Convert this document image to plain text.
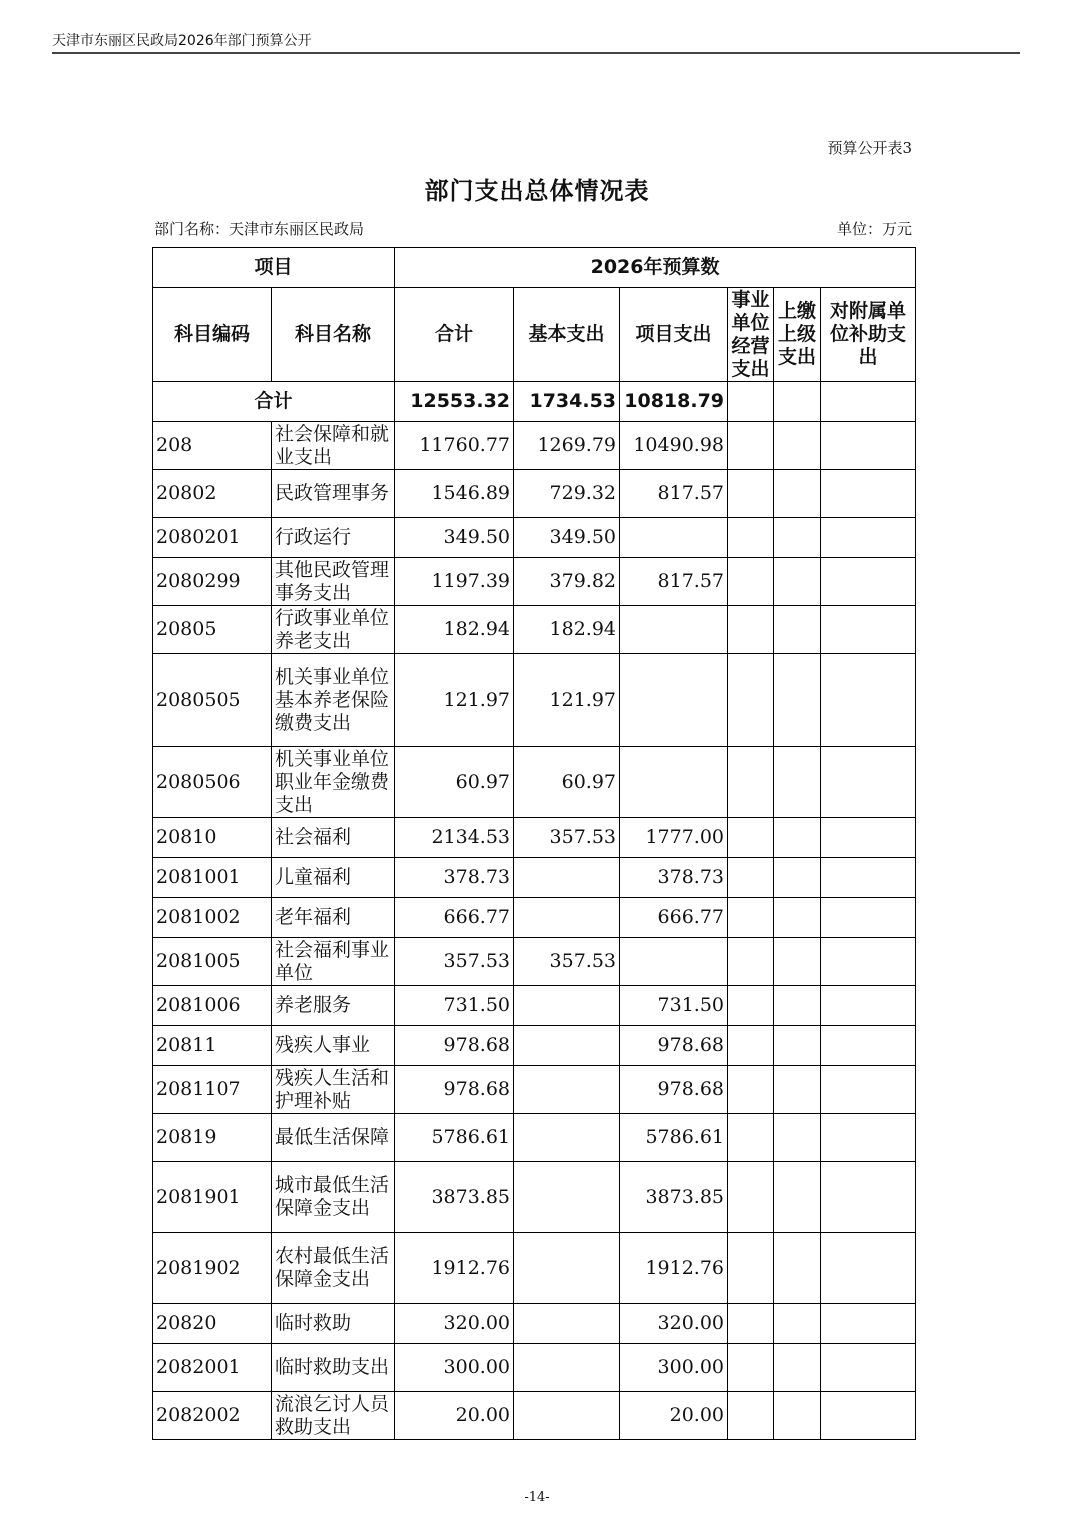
天津市东丽区民政局2026年部门预算公开
预算公开表3
部门支出总体情况表
部门名称：天津市东丽区民政局	单位：万元
项目		2026年预算数					
科目编码	科目名称	合计	基本支出	项目支出	事业单位经营支出	上缴上级支出	对附属单位补助支出
合计		12553.32	1734.53	10818.79			
208	社会保障和就业支出	11760.77	1269.79	10490.98			
20802	民政管理事务	1546.89	729.32	817.57			
2080201	行政运行	349.50	349.50				
2080299	其他民政管理事务支出	1197.39	379.82	817.57			
20805	行政事业单位养老支出	182.94	182.94				
2080505	机关事业单位基本养老保险缴费支出	121.97	121.97				
2080506	机关事业单位职业年金缴费支出	60.97	60.97				
20810	社会福利	2134.53	357.53	1777.00			
2081001	儿童福利	378.73		378.73			
2081002	老年福利	666.77		666.77			
2081005	社会福利事业单位	357.53	357.53				
2081006	养老服务	731.50		731.50			
20811	残疾人事业	978.68		978.68			
2081107	残疾人生活和护理补贴	978.68		978.68			
20819	最低生活保障	5786.61		5786.61			
2081901	城市最低生活保障金支出	3873.85		3873.85			
2081902	农村最低生活保障金支出	1912.76		1912.76			
20820	临时救助	320.00		320.00			
2082001	临时救助支出	300.00		300.00			
2082002	流浪乞讨人员救助支出	20.00		20.00			
-14-
